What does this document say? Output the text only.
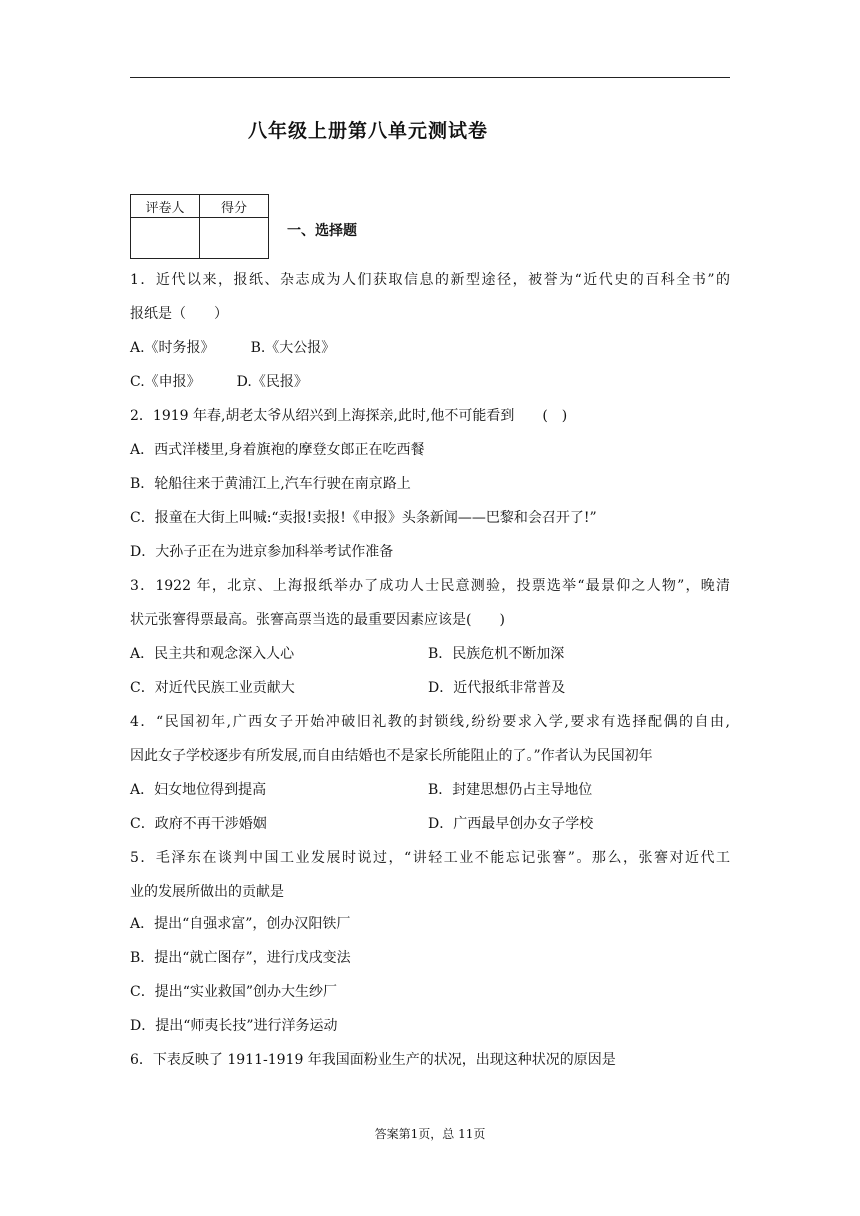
八年级上册第八单元测试卷
评卷人	得分

一、选择题
1．近代以来，报纸、杂志成为人们获取信息的新型途径，被誉为“近代史的百科全书”的
报纸是（　　）
A.《时务报》	B.《大公报》
C.《申报》	D.《民报》
2．1919 年春,胡老太爷从绍兴到上海探亲,此时,他不可能看到　　(　)
A．西式洋楼里,身着旗袍的摩登女郎正在吃西餐
B．轮船往来于黄浦江上,汽车行驶在南京路上
C．报童在大街上叫喊:“卖报!卖报!《申报》头条新闻——巴黎和会召开了!”
D．大孙子正在为进京参加科举考试作准备
3．1922 年，北京、上海报纸举办了成功人士民意测验，投票选举“最景仰之人物”，晚清
状元张謇得票最高。张謇高票当选的最重要因素应该是(　　)
A．民主共和观念深入人心	B．民族危机不断加深
C．对近代民族工业贡献大	D．近代报纸非常普及
4．“民国初年,广西女子开始冲破旧礼教的封锁线,纷纷要求入学,要求有选择配偶的自由,
因此女子学校逐步有所发展,而自由结婚也不是家长所能阻止的了。”作者认为民国初年
A．妇女地位得到提高	B．封建思想仍占主导地位
C．政府不再干涉婚姻	D．广西最早创办女子学校
5．毛泽东在谈判中国工业发展时说过，“讲轻工业不能忘记张謇”。那么，张謇对近代工
业的发展所做出的贡献是
A．提出“自强求富”，创办汉阳铁厂
B．提出“就亡图存”，进行戊戌变法
C．提出“实业救国”创办大生纱厂
D．提出“师夷长技”进行洋务运动
6．下表反映了 1911-1919 年我国面粉业生产的状况，出现这种状况的原因是
答案第1页，总 11页
